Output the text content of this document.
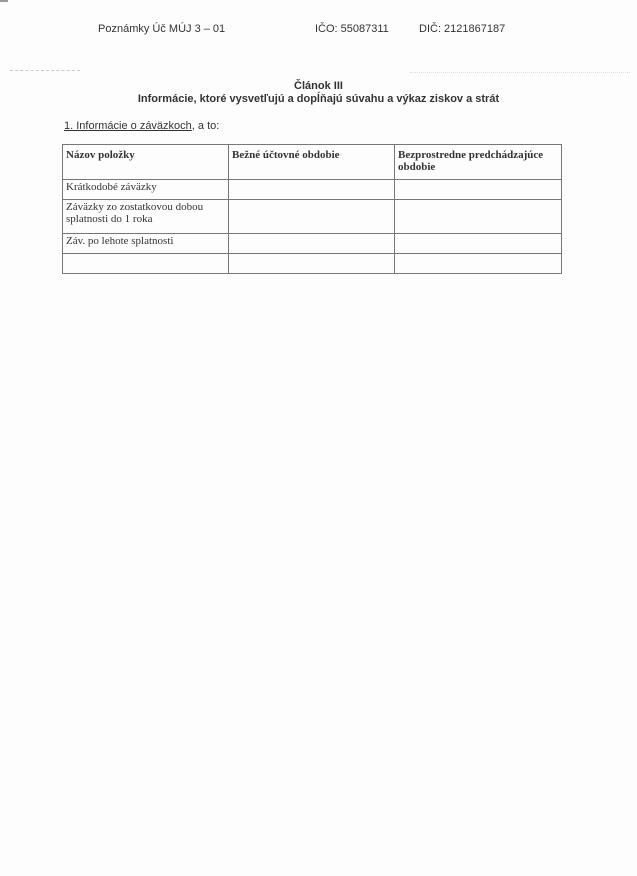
Poznámky Úč MÚJ 3 – 01	IČO: 55087311	DIČ: 2121867187
Článok III
Informácie, ktoré vysvetľujú a dopĺňajú súvahu a výkaz ziskov a strát
1. Informácie o záväzkoch, a to:
Názov položky	Bežné účtovné obdobie	Bezprostredne predchádzajúce obdobie
Krátkodobé záväzky		
Záväzky zo zostatkovou dobou splatnosti do 1 roka		
Záv. po lehote splatnosti		
